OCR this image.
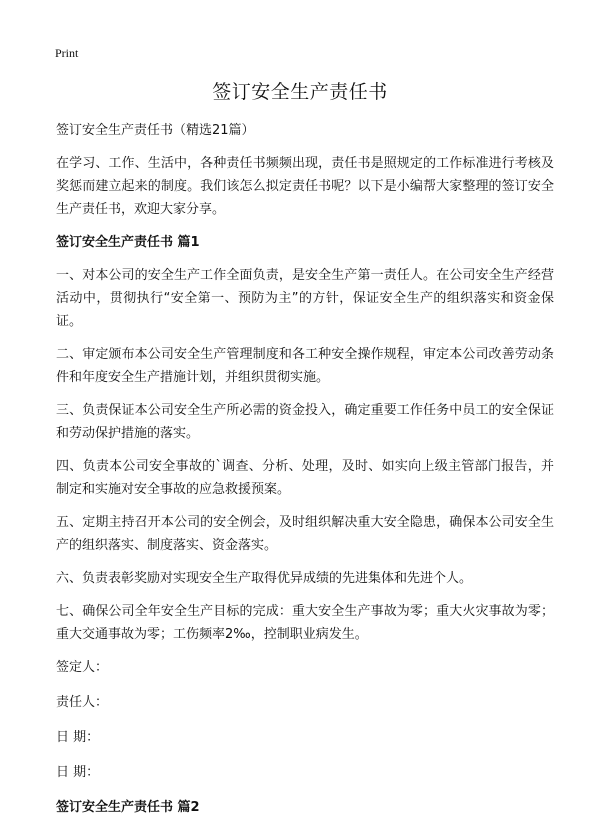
Print
签订安全生产责任书

签订安全生产责任书（精选21篇）

在学习、工作、生活中，各种责任书频频出现，责任书是照规定的工作标准进行考核及奖惩而建立起来的制度。我们该怎么拟定责任书呢？以下是小编帮大家整理的签订安全生产责任书，欢迎大家分享。

签订安全生产责任书 篇1

一、对本公司的安全生产工作全面负责，是安全生产第一责任人。在公司安全生产经营活动中，贯彻执行“安全第一、预防为主”的方针，保证安全生产的组织落实和资金保证。

二、审定颁布本公司安全生产管理制度和各工种安全操作规程，审定本公司改善劳动条件和年度安全生产措施计划，并组织贯彻实施。

三、负责保证本公司安全生产所必需的资金投入，确定重要工作任务中员工的安全保证和劳动保护措施的落实。

四、负责本公司安全事故的`调查、分析、处理，及时、如实向上级主管部门报告，并制定和实施对安全事故的应急救援预案。

五、定期主持召开本公司的安全例会，及时组织解决重大安全隐患，确保本公司安全生产的组织落实、制度落实、资金落实。

六、负责表彰奖励对实现安全生产取得优异成绩的先进集体和先进个人。

七、确保公司全年安全生产目标的完成：重大安全生产事故为零；重大火灾事故为零；重大交通事故为零；工伤频率2‰，控制职业病发生。

签定人：

责任人：

日 期：

日 期：

签订安全生产责任书 篇2
